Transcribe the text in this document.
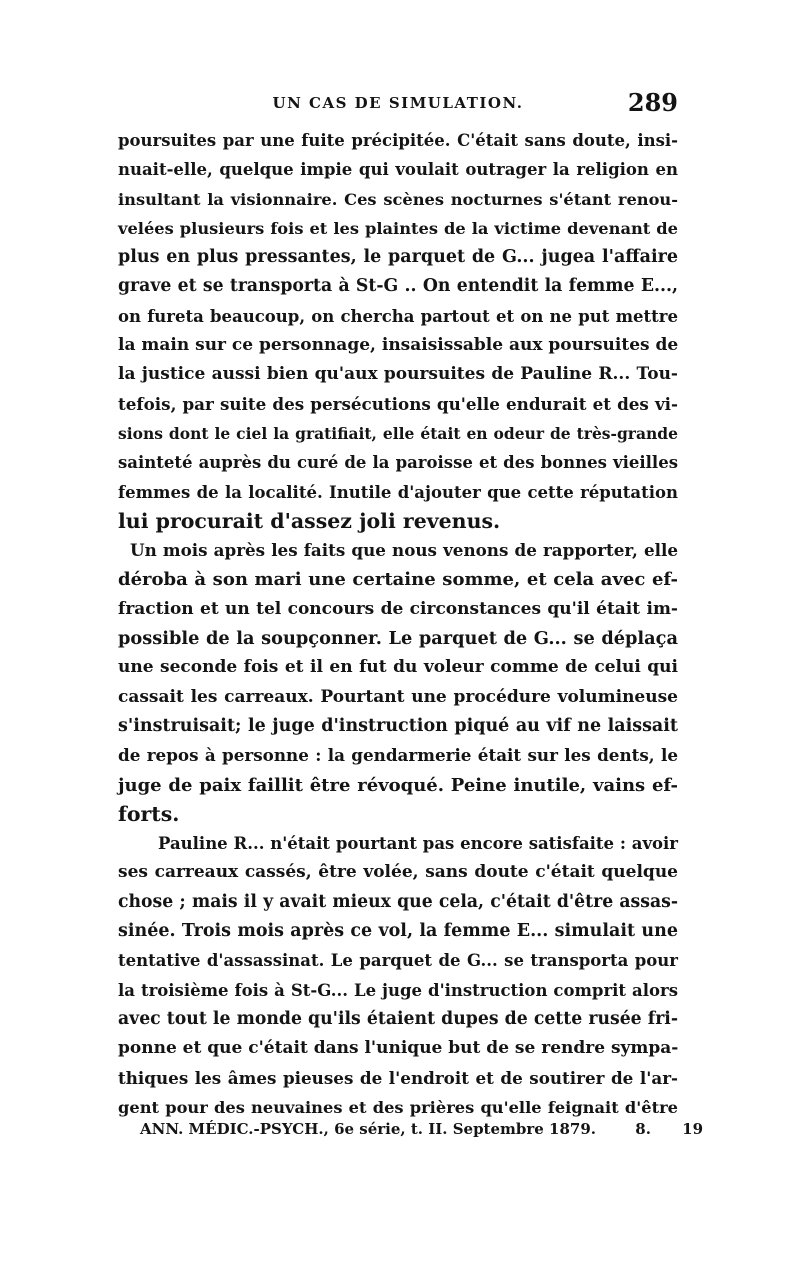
UN CAS DE SIMULATION.	289

poursuites par une fuite précipitée. C'était sans doute, insi-
nuait-elle, quelque impie qui voulait outrager la religion en
insultant la visionnaire. Ces scènes nocturnes s'étant renou-
velées plusieurs fois et les plaintes de la victime devenant de
plus en plus pressantes, le parquet de G... jugea l'affaire
grave et se transporta à St-G .. On entendit la femme E...,
on fureta beaucoup, on chercha partout et on ne put mettre
la main sur ce personnage, insaisissable aux poursuites de
la justice aussi bien qu'aux poursuites de Pauline R... Tou-
tefois, par suite des persécutions qu'elle endurait et des vi-
sions dont le ciel la gratifiait, elle était en odeur de très-grande
sainteté auprès du curé de la paroisse et des bonnes vieilles
femmes de la localité. Inutile d'ajouter que cette réputation
lui procurait d'assez joli revenus.

Un mois après les faits que nous venons de rapporter, elle
déroba à son mari une certaine somme, et cela avec ef-
fraction et un tel concours de circonstances qu'il était im-
possible de la soupçonner. Le parquet de G... se déplaça
une seconde fois et il en fut du voleur comme de celui qui
cassait les carreaux. Pourtant une procédure volumineuse
s'instruisait; le juge d'instruction piqué au vif ne laissait
de repos à personne : la gendarmerie était sur les dents, le
juge de paix faillit être révoqué. Peine inutile, vains ef-
forts.

Pauline R... n'était pourtant pas encore satisfaite : avoir
ses carreaux cassés, être volée, sans doute c'était quelque
chose ; mais il y avait mieux que cela, c'était d'être assas-
sinée. Trois mois après ce vol, la femme E... simulait une
tentative d'assassinat. Le parquet de G... se transporta pour
la troisième fois à St-G... Le juge d'instruction comprit alors
avec tout le monde qu'ils étaient dupes de cette rusée fri-
ponne et que c'était dans l'unique but de se rendre sympa-
thiques les âmes pieuses de l'endroit et de soutirer de l'ar-
gent pour des neuvaines et des prières qu'elle feignait d'être

ANN. MÉDIC.-PSYCH., 6e série, t. II. Septembre 1879.	8. 19
